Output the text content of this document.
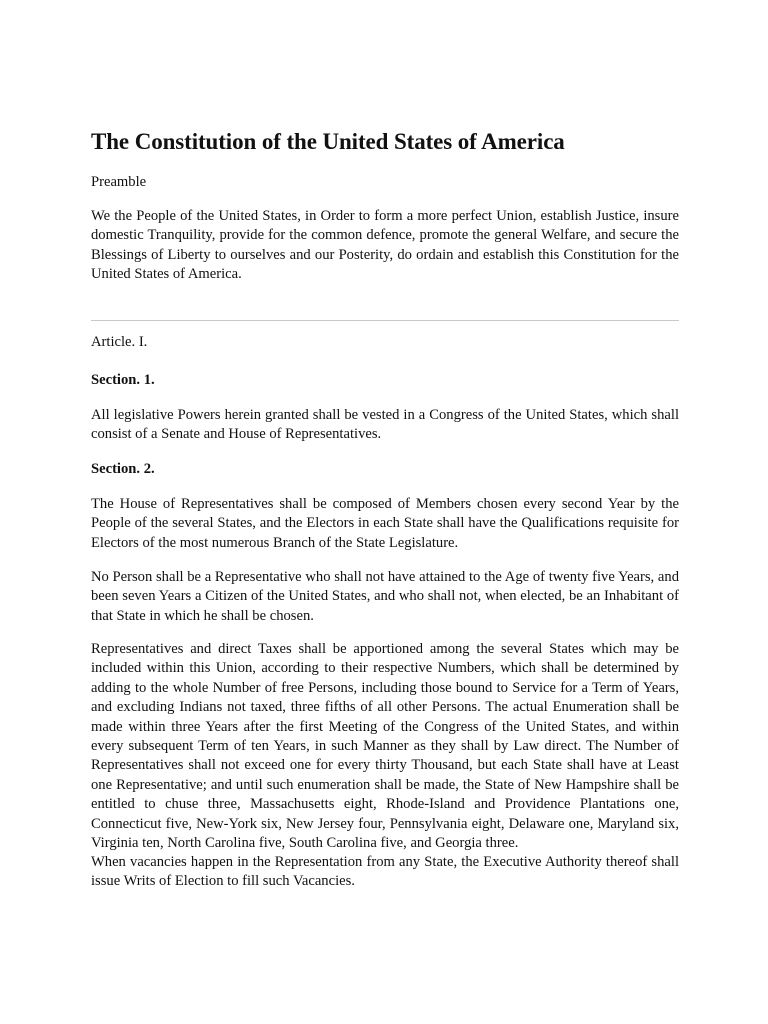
The Constitution of the United States of America

Preamble

We the People of the United States, in Order to form a more perfect Union, establish Justice, insure domestic Tranquility, provide for the common defence, promote the general Welfare, and secure the Blessings of Liberty to ourselves and our Posterity, do ordain and establish this Constitution for the United States of America.

Article. I.

Section. 1.

All legislative Powers herein granted shall be vested in a Congress of the United States, which shall consist of a Senate and House of Representatives.

Section. 2.

The House of Representatives shall be composed of Members chosen every second Year by the People of the several States, and the Electors in each State shall have the Qualifications requisite for Electors of the most numerous Branch of the State Legislature.

No Person shall be a Representative who shall not have attained to the Age of twenty five Years, and been seven Years a Citizen of the United States, and who shall not, when elected, be an Inhabitant of that State in which he shall be chosen.

Representatives and direct Taxes shall be apportioned among the several States which may be included within this Union, according to their respective Numbers, which shall be determined by adding to the whole Number of free Persons, including those bound to Service for a Term of Years, and excluding Indians not taxed, three fifths of all other Persons. The actual Enumeration shall be made within three Years after the first Meeting of the Congress of the United States, and within every subsequent Term of ten Years, in such Manner as they shall by Law direct. The Number of Representatives shall not exceed one for every thirty Thousand, but each State shall have at Least one Representative; and until such enumeration shall be made, the State of New Hampshire shall be entitled to chuse three, Massachusetts eight, Rhode-Island and Providence Plantations one, Connecticut five, New-York six, New Jersey four, Pennsylvania eight, Delaware one, Maryland six, Virginia ten, North Carolina five, South Carolina five, and Georgia three.

When vacancies happen in the Representation from any State, the Executive Authority thereof shall issue Writs of Election to fill such Vacancies.
